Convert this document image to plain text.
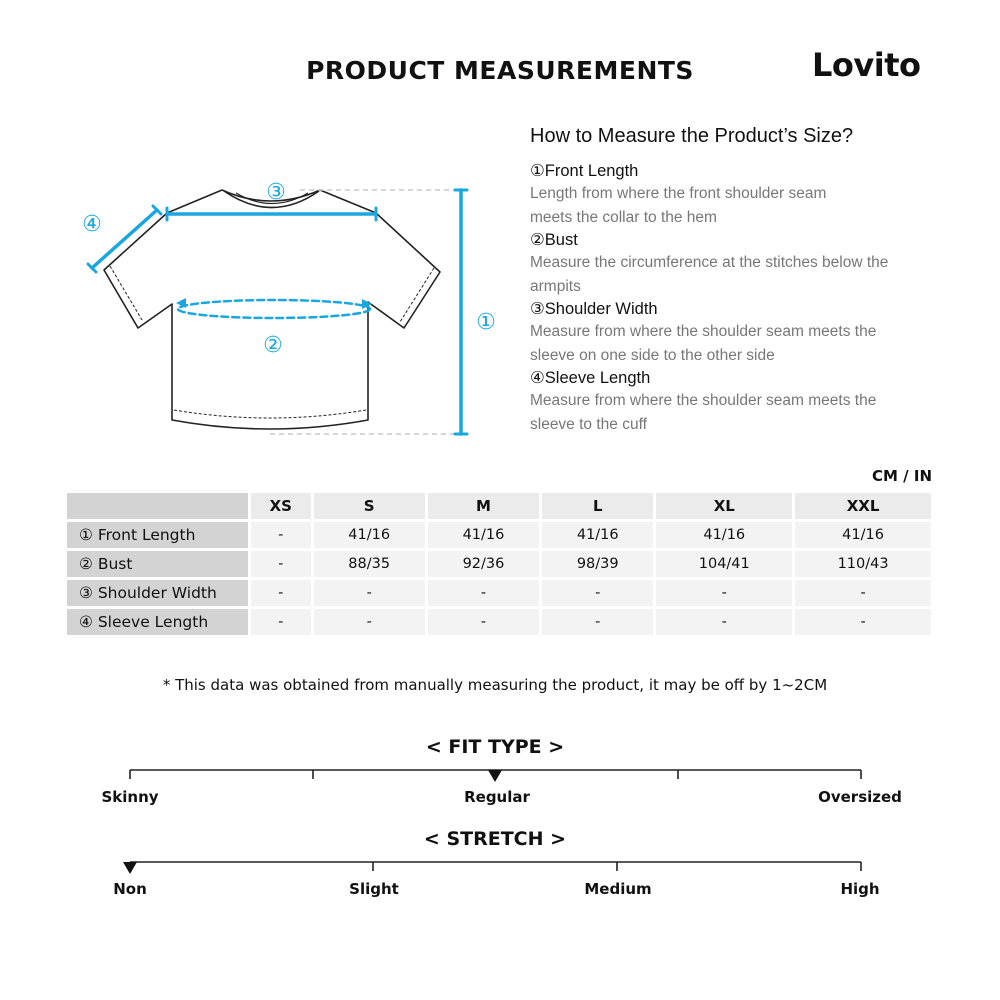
PRODUCT MEASUREMENTS	Lovito
①
②
③
④
How to Measure the Product’s Size?
①Front Length
Length from where the front shoulder seam meets the collar to the hem
②Bust
Measure the circumference at the stitches below the armpits
③Shoulder Width
Measure from where the shoulder seam meets the sleeve on one side to the other side
④Sleeve Length
Measure from where the shoulder seam meets the sleeve to the cuff
CM / IN
	XS	S	M	L	XL	XXL
① Front Length	-	41/16	41/16	41/16	41/16	41/16
② Bust	-	88/35	92/36	98/39	104/41	110/43
③ Shoulder Width	-	-	-	-	-	-
④ Sleeve Length	-	-	-	-	-	-
* This data was obtained from manually measuring the product, it may be off by 1~2CM
< FIT TYPE >
Skinny	Regular	Oversized
< STRETCH >
Non	Slight	Medium	High
